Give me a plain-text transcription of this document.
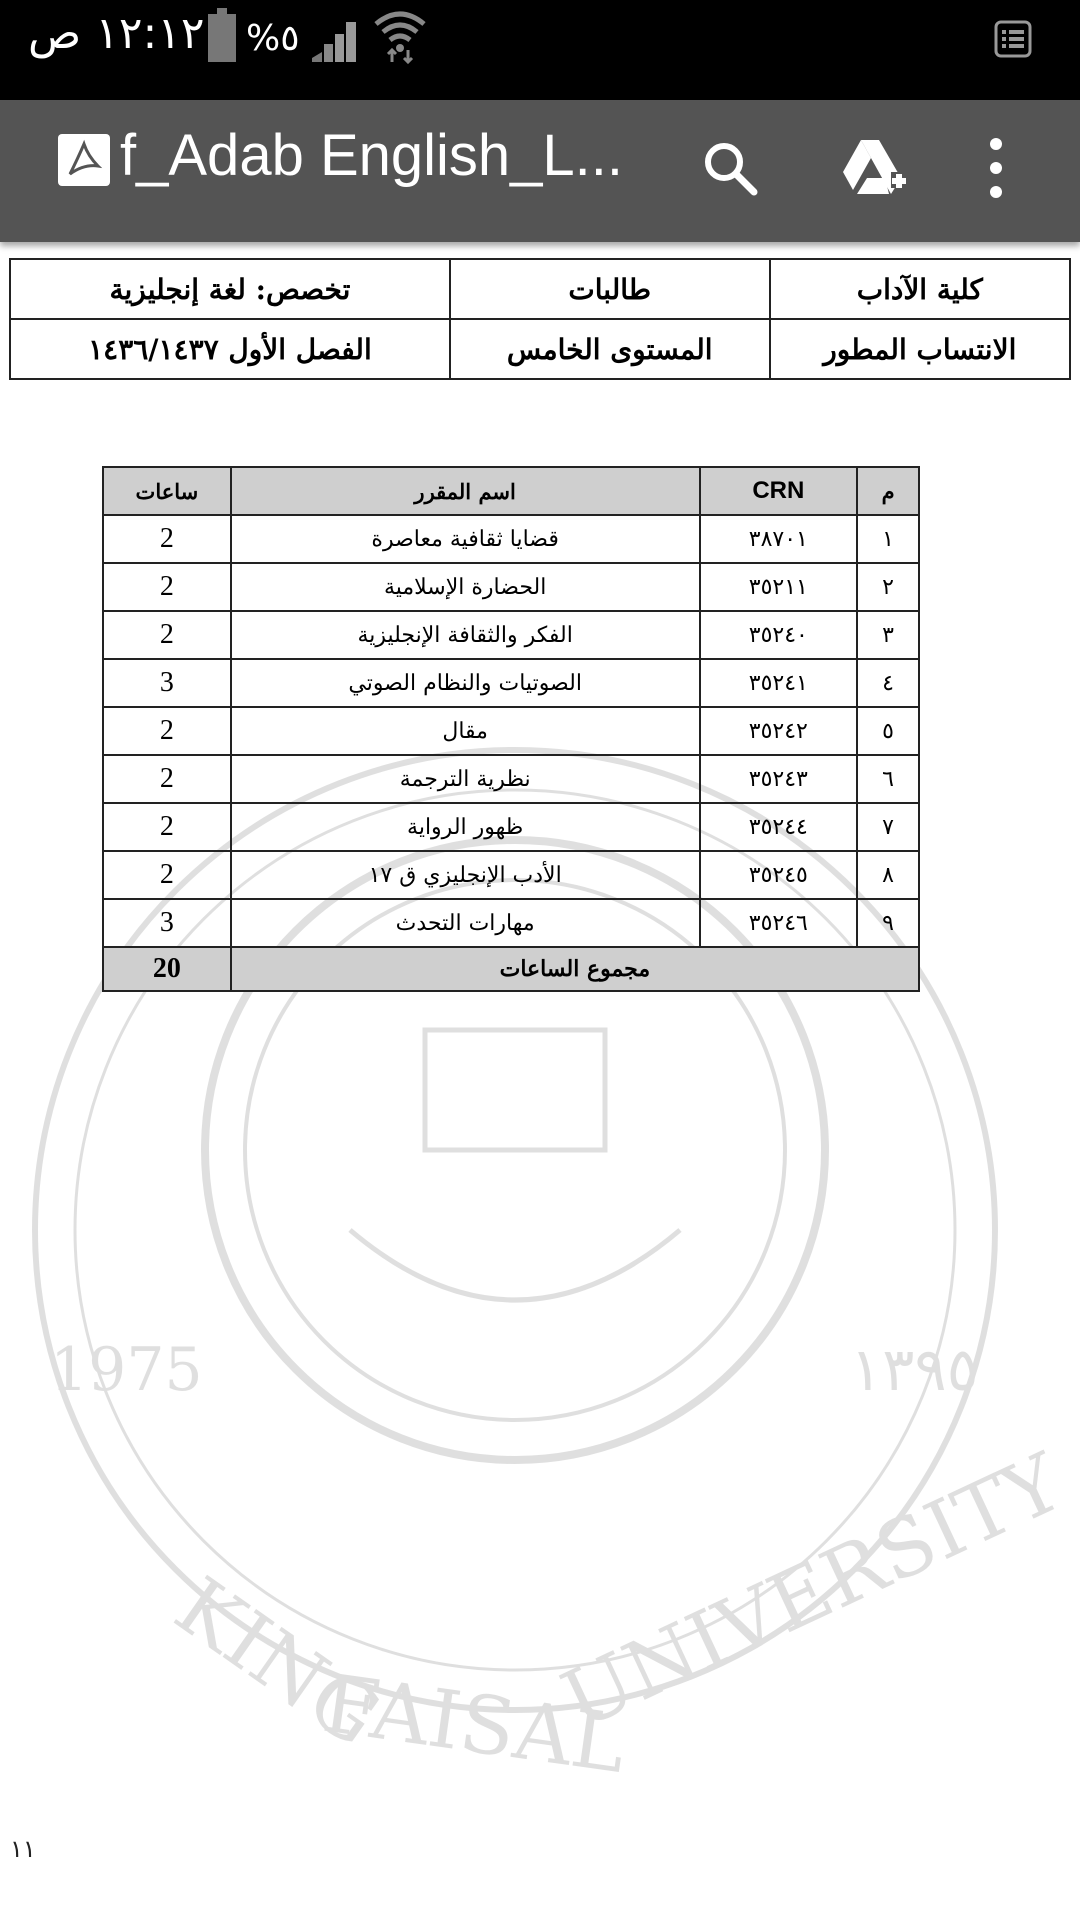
١٢:١٢ ص %٥
f_Adab English_L...
1975	١٣٩٥
KING
FAISAL
UNIVERSITY
كلية الآداب	طالبات	تخصص: لغة إنجليزية
الانتساب المطور	المستوى الخامس	الفصل الأول ١٤٣٦/١٤٣٧
م	CRN	اسم المقرر	ساعات
١	٣٨٧٠١	قضايا ثقافية معاصرة	2
٢	٣٥٢١١	الحضارة الإسلامية	2
٣	٣٥٢٤٠	الفكر والثقافة الإنجليزية	2
٤	٣٥٢٤١	الصوتيات والنظام الصوتي	3
٥	٣٥٢٤٢	مقال	2
٦	٣٥٢٤٣	نظرية الترجمة	2
٧	٣٥٢٤٤	ظهور الرواية	2
٨	٣٥٢٤٥	الأدب الإنجليزي ق ١٧	2
٩	٣٥٢٤٦	مهارات التحدث	3
مجموع الساعات			20
١١
